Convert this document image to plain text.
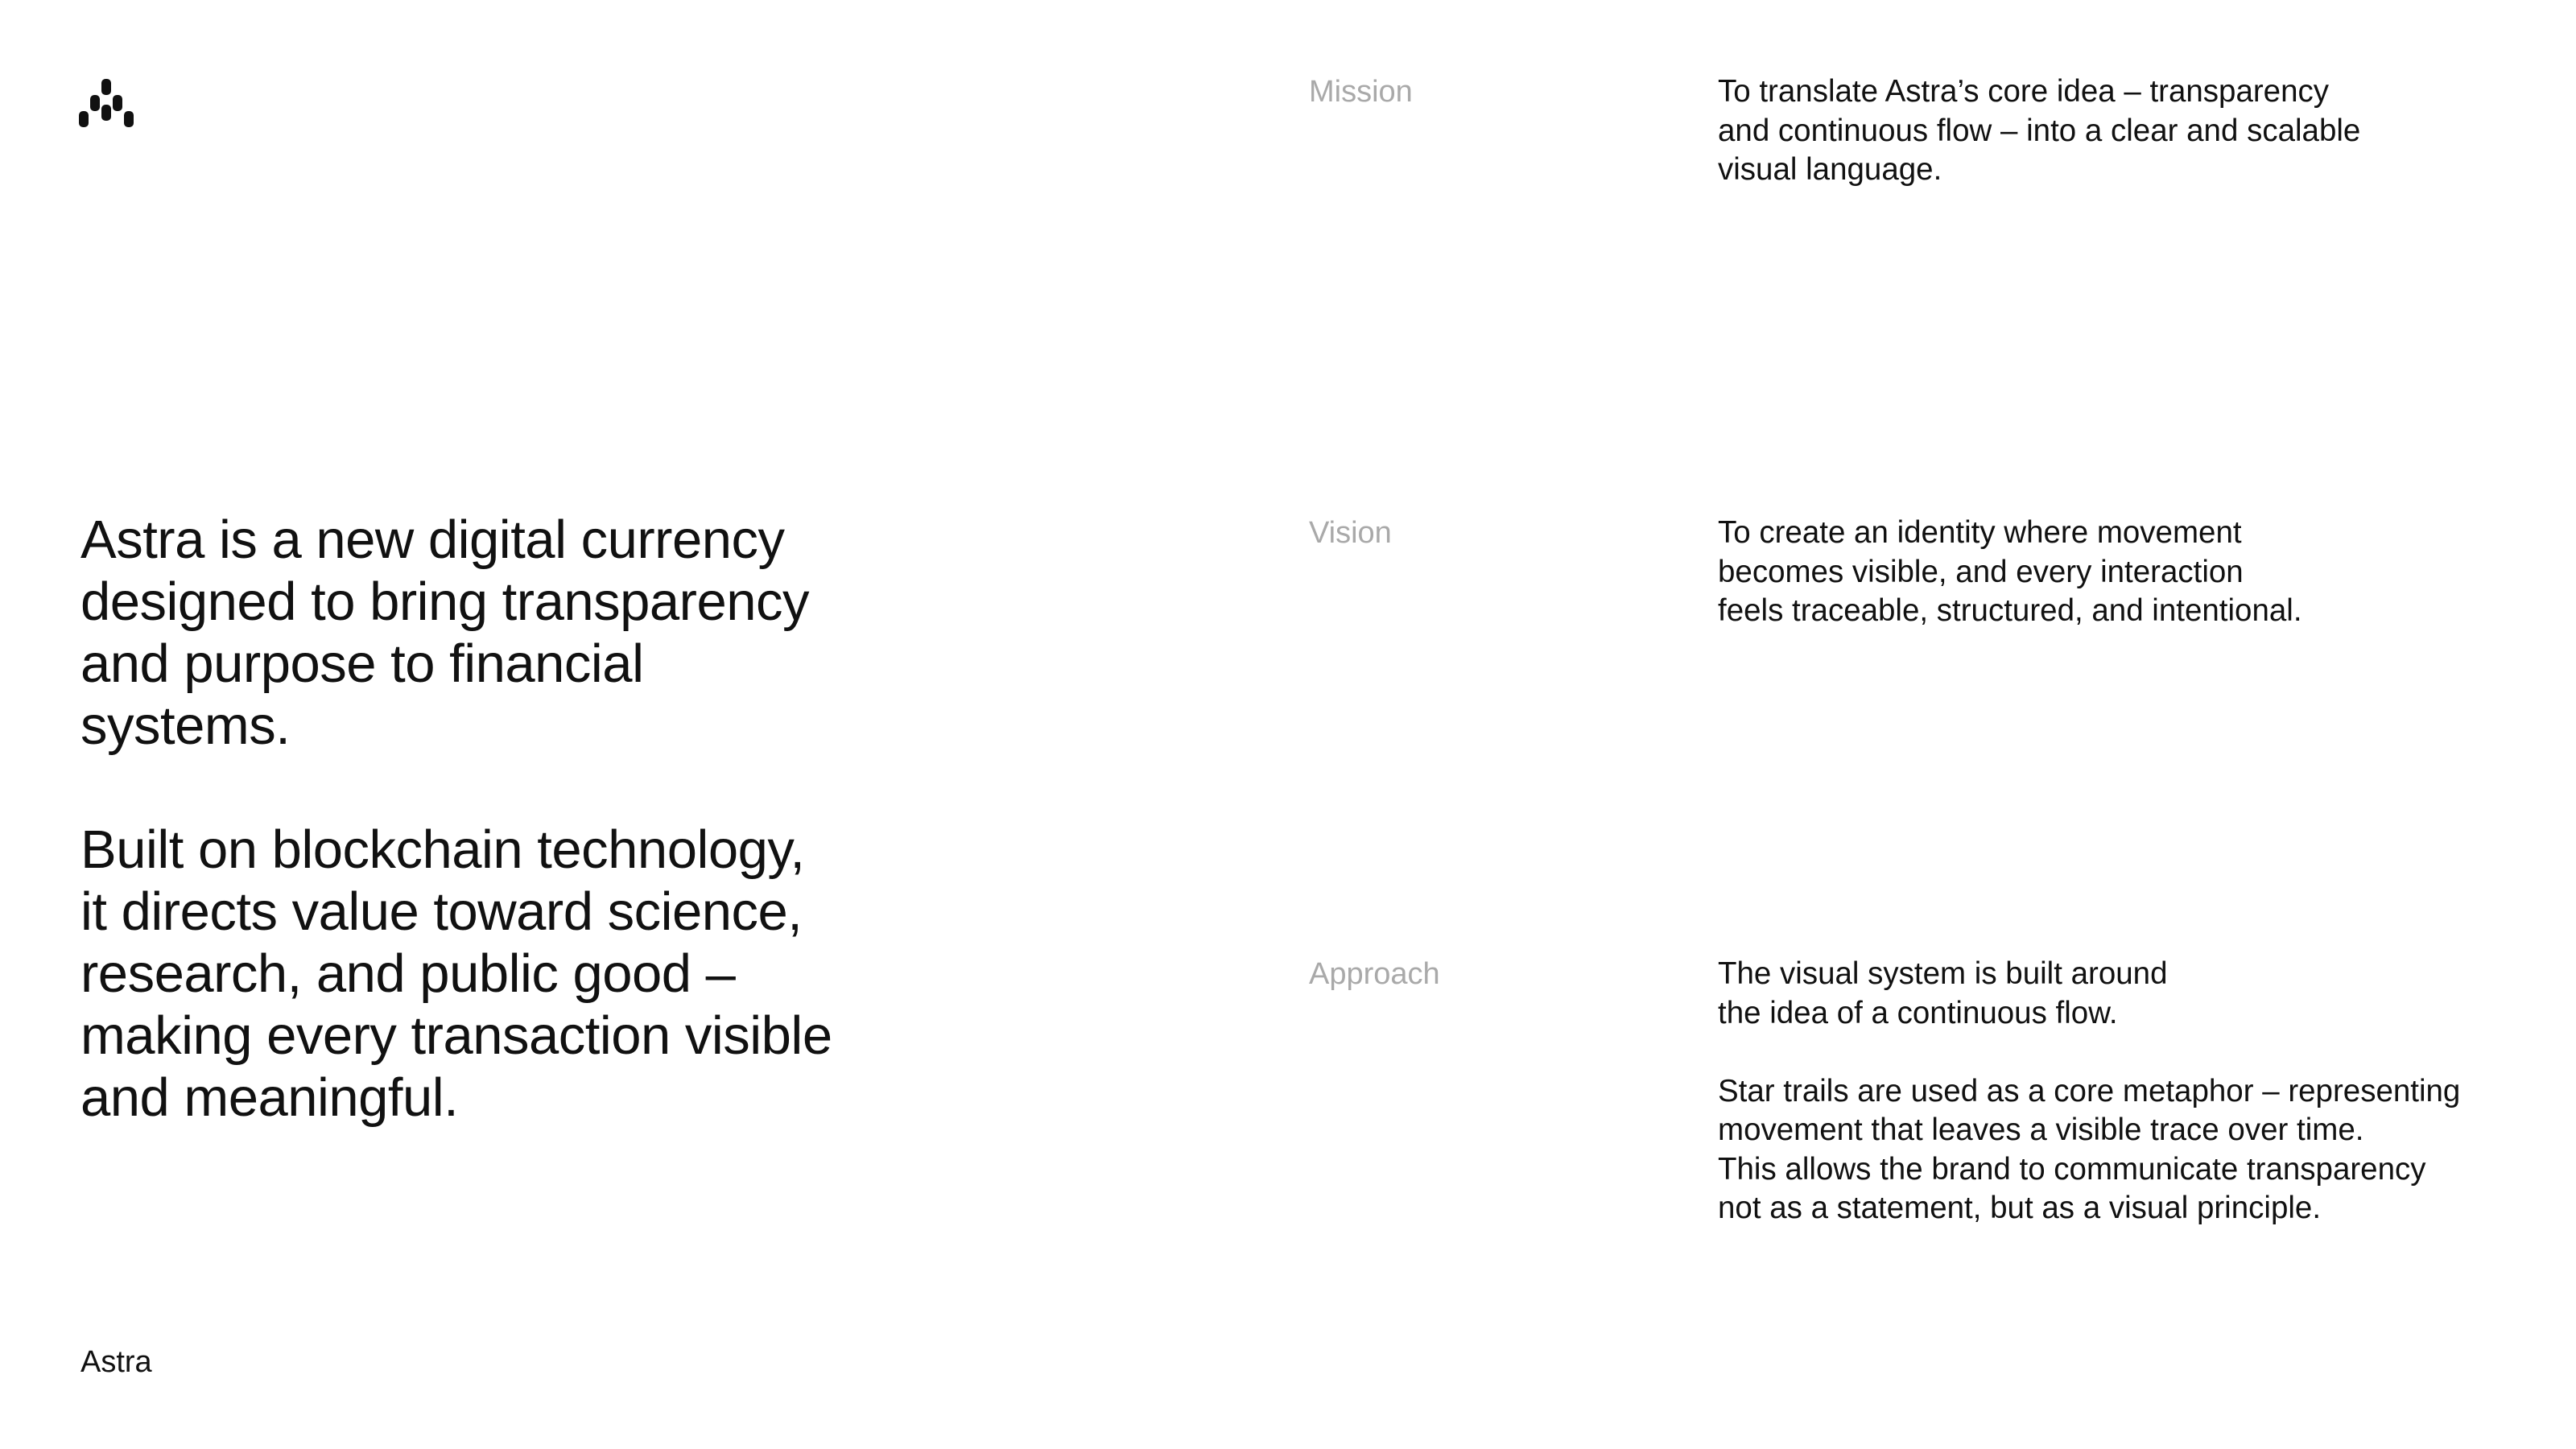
Astra is a new digital currency
designed to bring transparency
and purpose to financial
systems.

Built on blockchain technology,
it directs value toward science,
research, and public good –
making every transaction visible
and meaningful.

Astra
Mission	To translate Astra’s core idea – transparency
and continuous flow – into a clear and scalable
visual language.

Vision	To create an identity where movement
becomes visible, and every interaction
feels traceable, structured, and intentional.

Approach	The visual system is built around
the idea of a continuous flow.

Star trails are used as a core metaphor – representing
movement that leaves a visible trace over time.
This allows the brand to communicate transparency
not as a statement, but as a visual principle.
